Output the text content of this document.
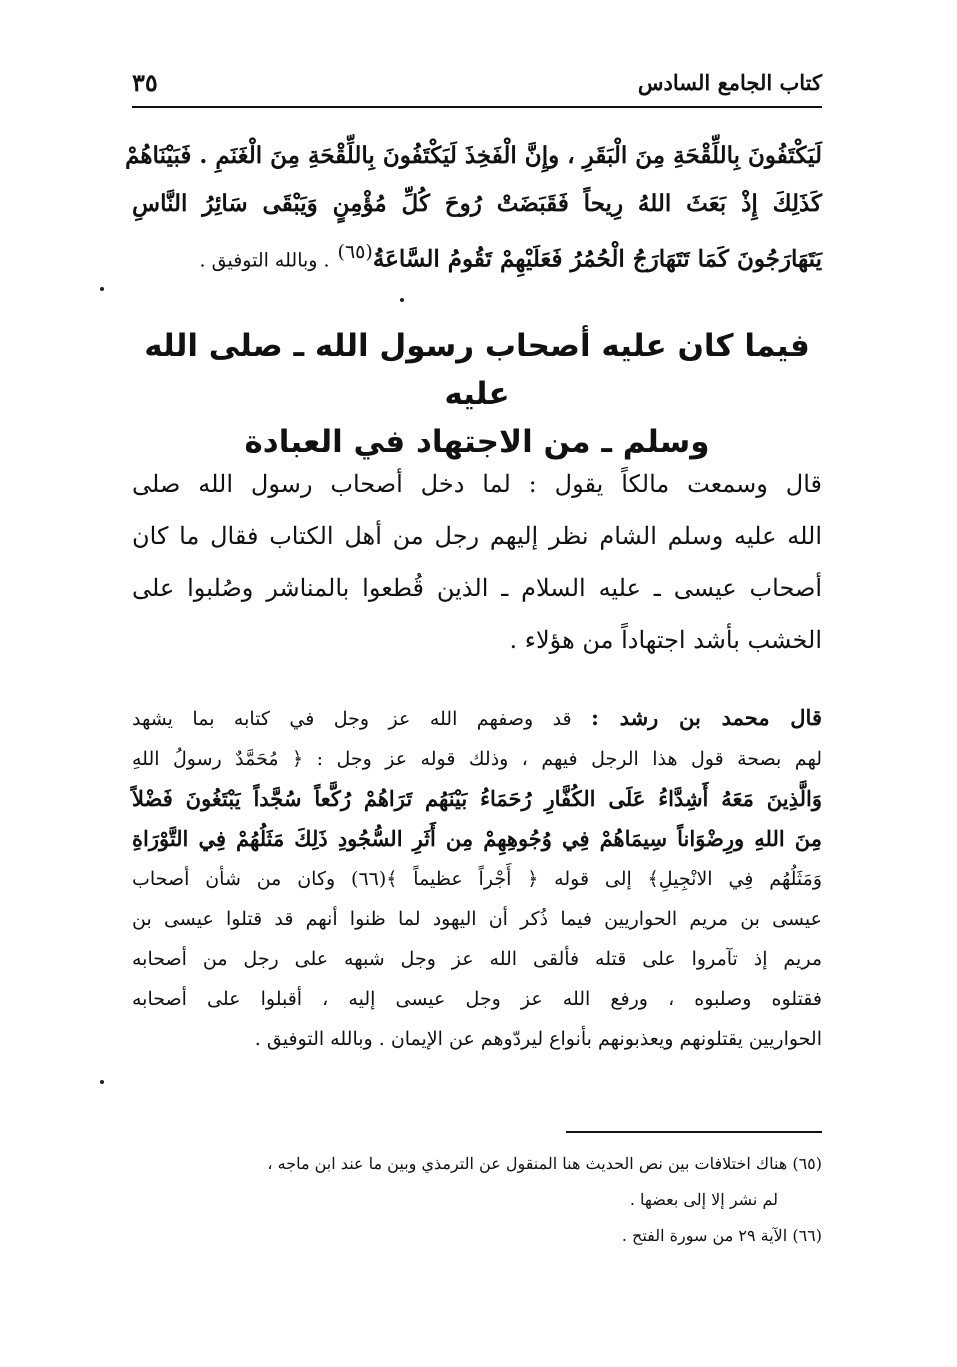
كتاب الجامع السادس
٣٥
لَيَكْتَفُونَ بِاللِّقْحَةِ مِنَ الْبَقَرِ ، وإِنَّ الْفَخِذَ لَيَكْتَفُونَ بِاللِّقْحَةِ مِنَ الْغَنَمِ . فَبَيْنَاهُمْ
كَذَلِكَ إِذْ بَعَثَ اللهُ رِيحاً فَقَبَضَتْ رُوحَ كُلِّ مُؤْمِنٍ وَيَبْقَى سَائِرُ النَّاسِ
يَتَهَارَجُونَ كَمَا تَتَهَارَجُ الْحُمُرُ فَعَلَيْهِمْ تَقُومُ السَّاعَةُ$^{(٦٥)}$ . وبالله التوفيق .
فيما كان عليه أصحاب رسول الله ـ صلى الله عليه
وسلم ـ من الاجتهاد في العبادة
قال وسمعت مالكاً يقول : لما دخل أصحاب رسول الله صلى
الله عليه وسلم الشام نظر إليهم رجل من أهل الكتاب فقال ما كان
أصحاب عيسى ـ عليه السلام ـ الذين قُطعوا بالمناشر وصُلبوا على
الخشب بأشد اجتهاداً من هؤلاء .
قال محمد بن رشد : قد وصفهم الله عز وجل في كتابه بما يشهد
لهم بصحة قول هذا الرجل فيهم ، وذلك قوله عز وجل : ﴿ مُحَمَّدٌ رسولُ اللهِ
وَالَّذِينَ مَعَهُ أَشِدَّاءُ عَلَى الكُفَّارِ رُحَمَاءُ بَيْنَهُم تَرَاهُمْ رُكَّعاً سُجَّداً يَبْتَغُونَ فَضْلاً
مِنَ اللهِ ورِضْوَاناً سِيمَاهُمْ فِي وُجُوهِهِمْ مِن أَثَرِ السُّجُودِ ذَلِكَ مَثَلُهُمْ فِي التَّوْرَاةِ
وَمَثَلُهُم فِي الانْجِيلِ﴾ إلى قوله ﴿ أَجْراً عظيماً ﴾(٦٦) وكان من شأن أصحاب
عيسى بن مريم الحواريين فيما ذُكر أن اليهود لما ظنوا أنهم قد قتلوا عيسى بن
مريم إذ تآمروا على قتله فألقى الله عز وجل شبهه على رجل من أصحابه
فقتلوه وصلبوه ، ورفع الله عز وجل عيسى إليه ، أقبلوا على أصحابه
الحواريين يقتلونهم ويعذبونهم بأنواع ليردّوهم عن الإيمان . وبالله التوفيق .
(٦٥) هناك اختلافات بين نص الحديث هنا المنقول عن الترمذي وبين ما عند ابن ماجه ،
لم نشر إلا إلى بعضها .
(٦٦) الآية ٢٩ من سورة الفتح .
